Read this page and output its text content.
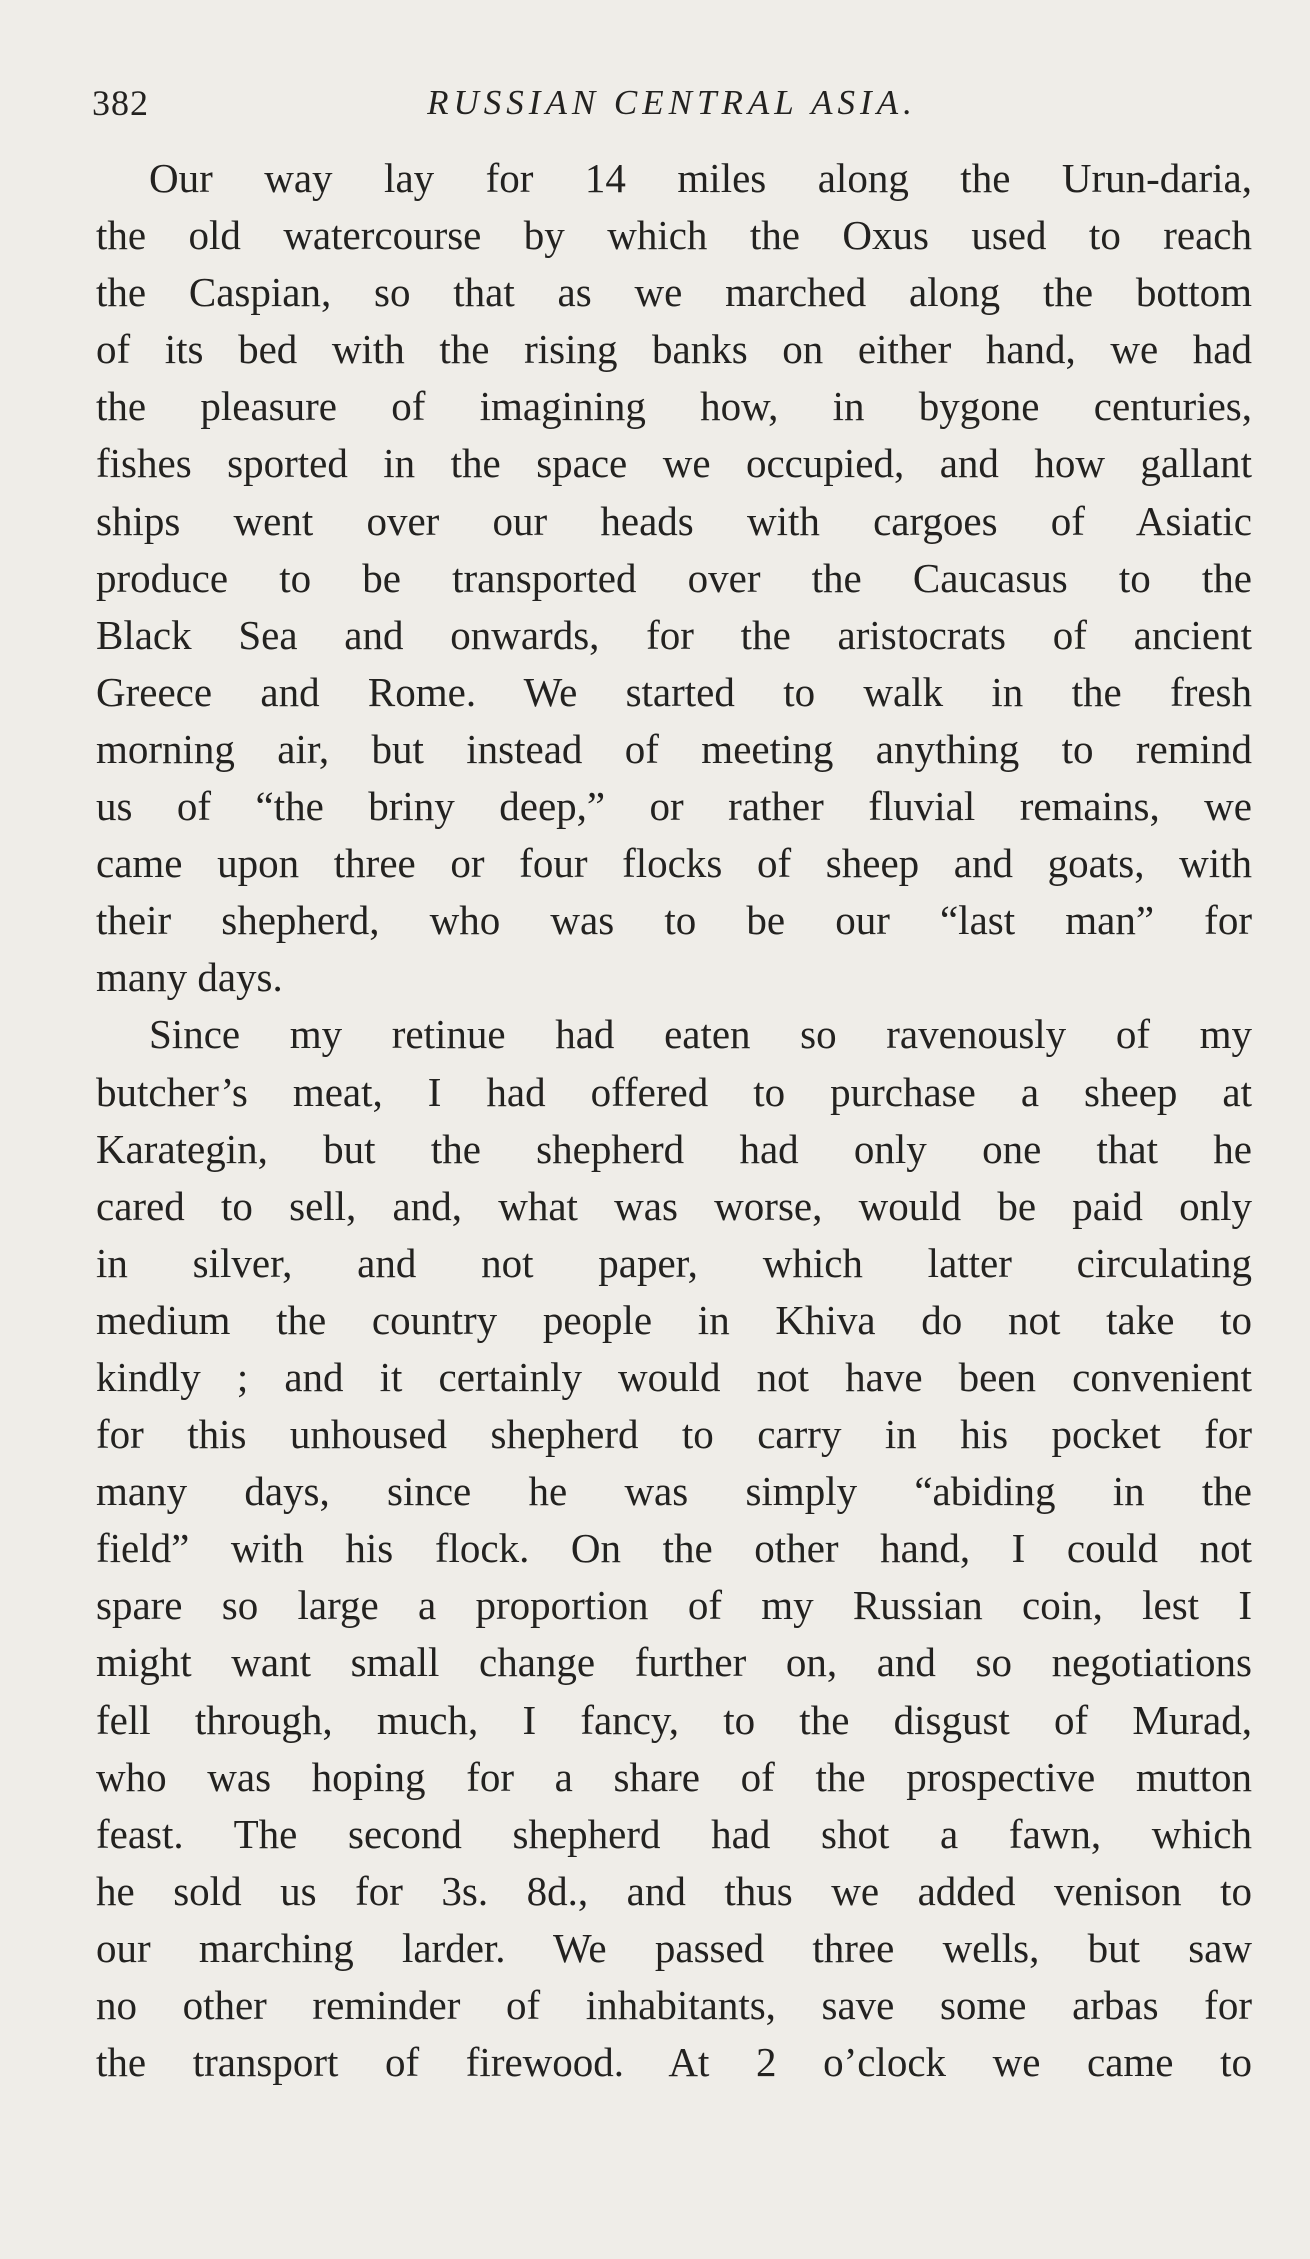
382	RUSSIAN CENTRAL ASIA.
Our way lay for 14 miles along the Urun-daria,
the old watercourse by which the Oxus used to reach
the Caspian, so that as we marched along the bottom
of its bed with the rising banks on either hand, we had
the pleasure of imagining how, in bygone centuries,
fishes sported in the space we occupied, and how gallant
ships went over our heads with cargoes of Asiatic
produce to be transported over the Caucasus to the
Black Sea and onwards, for the aristocrats of ancient
Greece and Rome. We started to walk in the fresh
morning air, but instead of meeting anything to remind
us of “the briny deep,” or rather fluvial remains, we
came upon three or four flocks of sheep and goats, with
their shepherd, who was to be our “last man” for
many days.
Since my retinue had eaten so ravenously of my
butcher’s meat, I had offered to purchase a sheep at
Karategin, but the shepherd had only one that he
cared to sell, and, what was worse, would be paid only
in silver, and not paper, which latter circulating
medium the country people in Khiva do not take to
kindly ; and it certainly would not have been convenient
for this unhoused shepherd to carry in his pocket for
many days, since he was simply “abiding in the
field” with his flock. On the other hand, I could not
spare so large a proportion of my Russian coin, lest I
might want small change further on, and so negotiations
fell through, much, I fancy, to the disgust of Murad,
who was hoping for a share of the prospective mutton
feast. The second shepherd had shot a fawn, which
he sold us for 3s. 8d., and thus we added venison to
our marching larder. We passed three wells, but saw
no other reminder of inhabitants, save some arbas for
the transport of firewood. At 2 o’clock we came to
